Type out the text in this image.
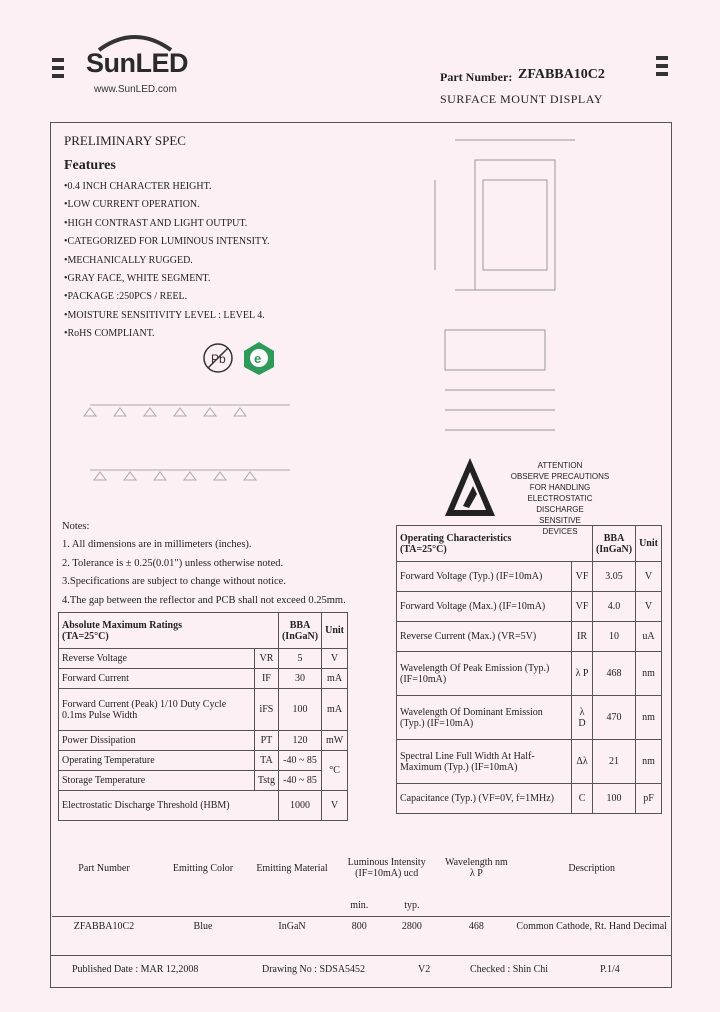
SunLED
www.SunLED.com
Part Number: ZFABBA10C2
SURFACE MOUNT DISPLAY
PRELIMINARY SPEC
Features
• 0.4 INCH CHARACTER HEIGHT.
• LOW CURRENT OPERATION.
• HIGH CONTRAST AND LIGHT OUTPUT.
• CATEGORIZED FOR LUMINOUS INTENSITY.
• MECHANICALLY RUGGED.
• GRAY FACE, WHITE SEGMENT.
• PACKAGE :250PCS / REEL.
• MOISTURE SENSITIVITY LEVEL : LEVEL 4.
• RoHS COMPLIANT.
Pb e
ATTENTION
OBSERVE PRECAUTIONS
FOR HANDLING
ELECTROSTATIC
DISCHARGE
SENSITIVE
DEVICES
Notes:
1. All dimensions are in millimeters (inches).
2. Tolerance is ± 0.25(0.01") unless otherwise noted.
3.Specifications are subject to change without notice.
4.The gap between the reflector and PCB shall not exceed 0.25mm.
Absolute Maximum Ratings
(TA=25°C)		BBA
(InGaN)	Unit
Reverse Voltage	VR	5	V
Forward Current	IF	30	mA
Forward Current (Peak) 1/10 Duty Cycle 0.1ms Pulse Width	iFS	100	mA
Power Dissipation	PT	120	mW
Operating Temperature	TA	-40 ~ 85	°C
Storage Temperature	Tstg	-40 ~ 85	
Electrostatic Discharge Threshold (HBM)		1000	V
Operating Characteristics
(TA=25°C)		BBA
(InGaN)	Unit
Forward Voltage (Typ.) (IF=10mA)	VF	3.05	V
Forward Voltage (Max.) (IF=10mA)	VF	4.0	V
Reverse Current (Max.) (VR=5V)	IR	10	uA
Wavelength Of Peak Emission (Typ.) (IF=10mA)	λ P	468	nm
Wavelength Of Dominant Emission (Typ.) (IF=10mA)	λ D	470	nm
Spectral Line Full Width At Half-Maximum (Typ.) (IF=10mA)	Δλ	21	nm
Capacitance (Typ.) (VF=0V, f=1MHz)	C	100	pF
Part Number	Emitting Color	Emitting Material	Luminous Intensity (IF=10mA) ucd		Wavelength nm λ P	Description
			min.	typ.		
ZFABBA10C2	Blue	InGaN	800	2800	468	Common Cathode, Rt. Hand Decimal
Published Date : MAR 12,2008	Drawing No : SDSA5452	V2	Checked : Shin Chi	P.1/4
